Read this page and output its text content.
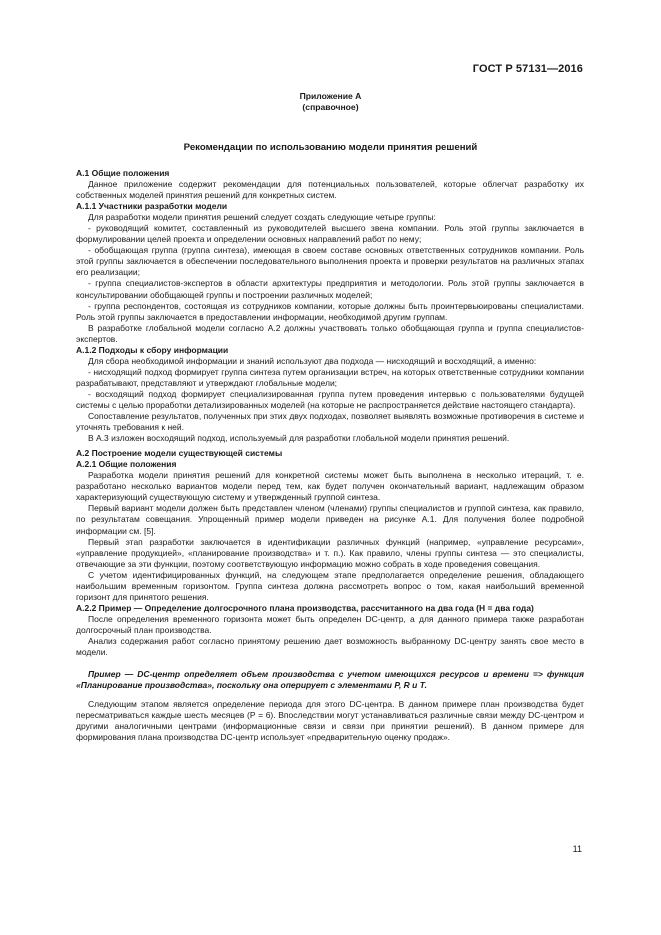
ГОСТ Р 57131—2016
Приложение А
(справочное)
Рекомендации по использованию модели принятия решений

А.1 Общие положения

Данное приложение содержит рекомендации для потенциальных пользователей, которые облегчат разработку их собственных моделей принятия решений для конкретных систем.

А.1.1 Участники разработки модели

Для разработки модели принятия решений следует создать следующие четыре группы:

- руководящий комитет, составленный из руководителей высшего звена компании. Роль этой группы заключается в формулировании целей проекта и определении основных направлений работ по нему;

- обобщающая группа (группа синтеза), имеющая в своем составе основных ответственных сотрудников компании. Роль этой группы заключается в обеспечении последовательного выполнения проекта и проверки результатов на различных этапах его реализации;

- группа специалистов-экспертов в области архитектуры предприятия и методологии. Роль этой группы заключается в консультировании обобщающей группы и построении различных моделей;

- группа респондентов, состоящая из сотрудников компании, которые должны быть проинтервьюированы специалистами. Роль этой группы заключается в предоставлении информации, необходимой другим группам.

В разработке глобальной модели согласно А.2 должны участвовать только обобщающая группа и группа специалистов-экспертов.

А.1.2 Подходы к сбору информации

Для сбора необходимой информации и знаний используют два подхода — нисходящий и восходящий, а именно:

- нисходящий подход формирует группа синтеза путем организации встреч, на которых ответственные сотрудники компании разрабатывают, представляют и утверждают глобальные модели;

- восходящий подход формирует специализированная группа путем проведения интервью с пользователями будущей системы с целью проработки детализированных моделей (на которые не распространяется действие настоящего стандарта).

Сопоставление результатов, полученных при этих двух подходах, позволяет выявлять возможные противоречия в системе и уточнять требования к ней.

В А.3 изложен восходящий подход, используемый для разработки глобальной модели принятия решений.

А.2 Построение модели существующей системы

А.2.1 Общие положения

Разработка модели принятия решений для конкретной системы может быть выполнена в несколько итераций, т. е. разработано несколько вариантов модели перед тем, как будет получен окончательный вариант, надлежащим образом характеризующий существующую систему и утвержденный группой синтеза.

Первый вариант модели должен быть представлен членом (членами) группы специалистов и группой синтеза, как правило, по результатам совещания. Упрощенный пример модели приведен на рисунке А.1. Для получения более подробной информации см. [5].

Первый этап разработки заключается в идентификации различных функций (например, «управление ресурсами», «управление продукцией», «планирование производства» и т. п.). Как правило, члены группы синтеза — это специалисты, отвечающие за эти функции, поэтому соответствующую информацию можно собрать в ходе проведения совещания.

С учетом идентифицированных функций, на следующем этапе предполагается определение решения, обладающего наибольшим временным горизонтом. Группа синтеза должна рассмотреть вопрос о том, какая наибольший временной горизонт для принятого решения.

А.2.2 Пример — Определение долгосрочного плана производства, рассчитанного на два года (Н = два года)

После определения временного горизонта может быть определен DC-центр, а для данного примера также разработан долгосрочный план производства.

Анализ содержания работ согласно принятому решению дает возможность выбранному DC-центру занять свое место в модели.

Пример — DC-центр определяет объем производства с учетом имеющихся ресурсов и времени => функция «Планирование производства», поскольку она оперирует с элементами Р, R и Т.

Следующим этапом является определение периода для этого DC-центра. В данном примере план производства будет пересматриваться каждые шесть месяцев (Р = 6). Впоследствии могут устанавливаться различные связи между DC-центром и другими аналогичными центрами (информационные связи и связи при принятии решений). В данном примере для формирования плана производства DC-центр использует «предварительную оценку продаж».

11
